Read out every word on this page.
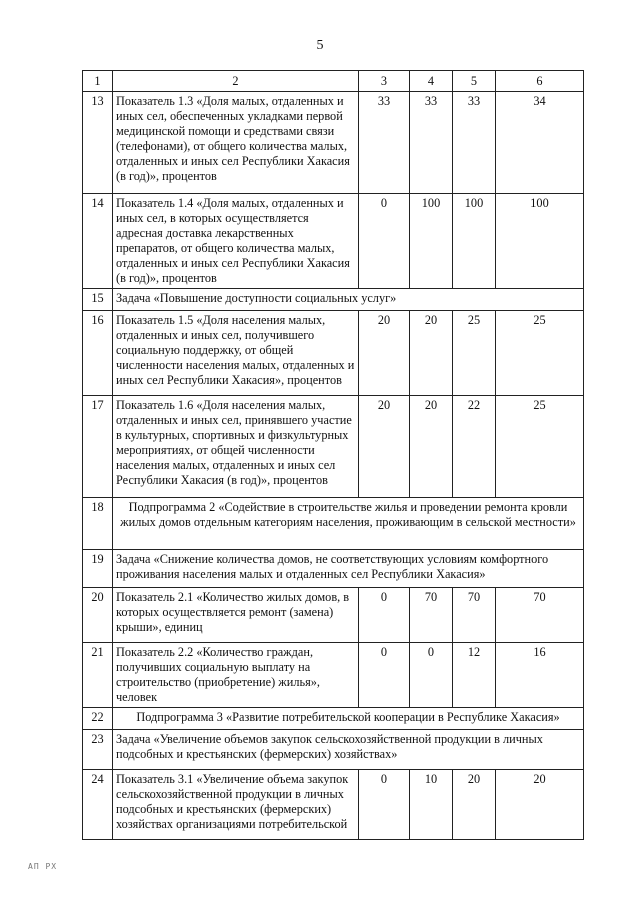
5
1	2	3	4	5	6
13	Показатель 1.3 «Доля малых, отдаленных и иных сел, обеспеченных укладками первой медицинской помощи и средствами связи (телефонами), от общего количества малых, отдаленных и иных сел Республики Хакасия (в год)», процентов	33	33	33	34
14	Показатель 1.4 «Доля малых, отдаленных и иных сел, в которых осуществляется адресная доставка лекарственных препаратов, от общего количества малых, отдаленных и иных сел Республики Хакасия (в год)», процентов	0	100	100	100
15	Задача «Повышение доступности социальных услуг»				
16	Показатель 1.5 «Доля населения малых, отдаленных и иных сел, получившего социальную поддержку, от общей численности населения малых, отдаленных и иных сел Республики Хакасия», процентов	20	20	25	25
17	Показатель 1.6 «Доля населения малых, отдаленных и иных сел, принявшего участие в культурных, спортивных и физкультурных мероприятиях, от общей численности населения малых, отдаленных и иных сел Республики Хакасия (в год)», процентов	20	20	22	25
18	Подпрограмма 2 «Содействие в строительстве жилья и проведении ремонта кровли жилых домов отдельным категориям населения, проживающим в сельской местности»				
19	Задача «Снижение количества домов, не соответствующих условиям комфортного проживания населения малых и отдаленных сел Республики Хакасия»				
20	Показатель 2.1 «Количество жилых домов, в которых осуществляется ремонт (замена) крыши», единиц	0	70	70	70
21	Показатель 2.2 «Количество граждан, получивших социальную выплату на строительство (приобретение) жилья», человек	0	0	12	16
22	Подпрограмма 3 «Развитие потребительской кооперации в Республике Хакасия»				
23	Задача «Увеличение объемов закупок сельскохозяйственной продукции в личных подсобных и крестьянских (фермерских) хозяйствах»				
24	Показатель 3.1 «Увеличение объема закупок сельскохозяйственной продукции в личных подсобных и крестьянских (фермерских) хозяйствах организациями потребительской	0	10	20	20
АП РХ
